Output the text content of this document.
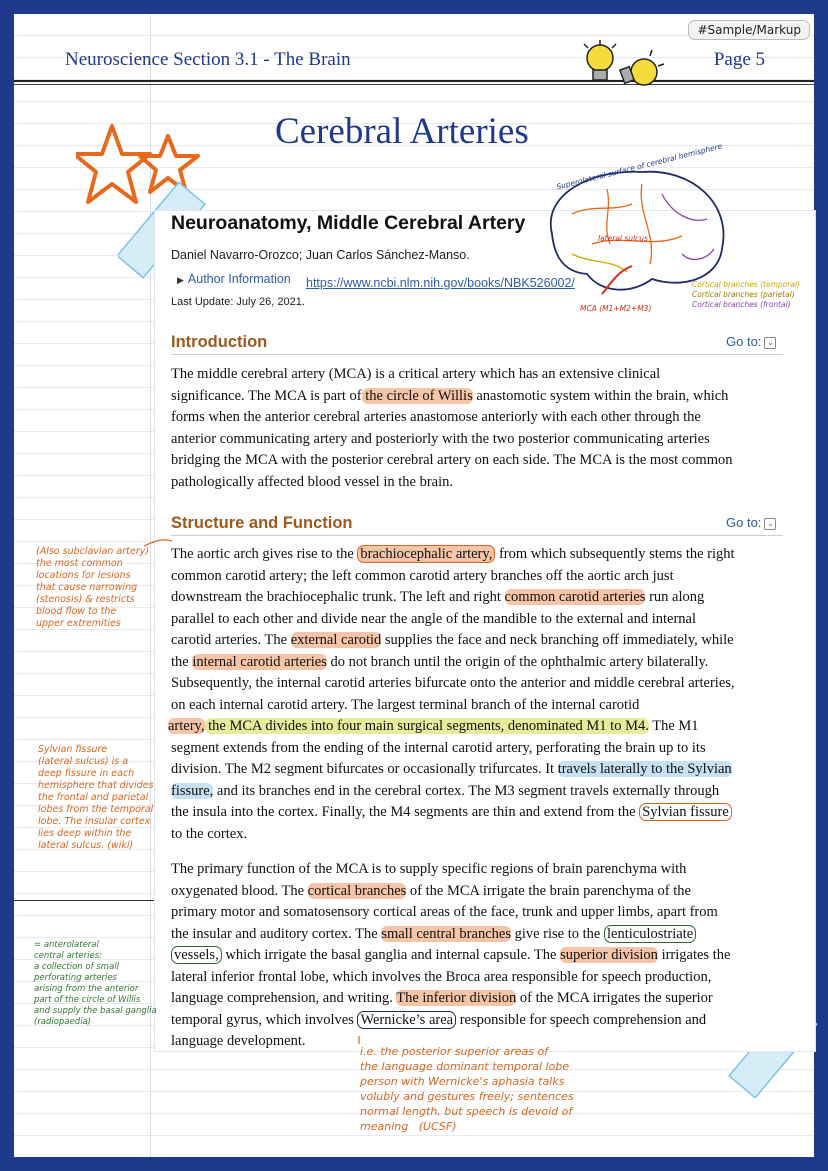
#Sample/Markup
Neuroscience Section 3.1 - The Brain	Page 5
Cerebral Arteries
Neuroanatomy, Middle Cerebral Artery
Daniel Navarro-Orozco; Juan Carlos Sánchez-Manso.
▶ Author Information https://www.ncbi.nlm.nih.gov/books/NBK526002/
Last Update: July 26, 2021.
Superolateral surface of cerebral hemisphere
lateral sulcus
MCA (M1+M2+M3)
Cortical branches (temporal)
Cortical branches (parietal)
Cortical branches (frontal)
Introduction	Go to: ⌄
The middle cerebral artery (MCA) is a critical artery which has an extensive clinical
significance. The MCA is part of the circle of Willis anastomotic system within the brain, which
forms when the anterior cerebral arteries anastomose anteriorly with each other through the
anterior communicating artery and posteriorly with the two posterior communicating arteries
bridging the MCA with the posterior cerebral artery on each side. The MCA is the most common
pathologically affected blood vessel in the brain.
Structure and Function	Go to: ⌄
The aortic arch gives rise to the brachiocephalic artery, from which subsequently stems the right
common carotid artery; the left common carotid artery branches off the aortic arch just
downstream the brachiocephalic trunk. The left and right common carotid arteries run along
parallel to each other and divide near the angle of the mandible to the external and internal
carotid arteries. The external carotid supplies the face and neck branching off immediately, while
the internal carotid arteries do not branch until the origin of the ophthalmic artery bilaterally.
Subsequently, the internal carotid arteries bifurcate onto the anterior and middle cerebral arteries,
on each internal carotid artery. The largest terminal branch of the internal carotid
artery, the MCA divides into four main surgical segments, denominated M1 to M4. The M1
segment extends from the ending of the internal carotid artery, perforating the brain up to its
division. The M2 segment bifurcates or occasionally trifurcates. It travels laterally to the Sylvian
fissure, and its branches end in the cerebral cortex. The M3 segment travels externally through
the insula into the cortex. Finally, the M4 segments are thin and extend from the Sylvian fissure
to the cortex.
The primary function of the MCA is to supply specific regions of brain parenchyma with
oxygenated blood. The cortical branches of the MCA irrigate the brain parenchyma of the
primary motor and somatosensory cortical areas of the face, trunk and upper limbs, apart from
the insular and auditory cortex. The small central branches give rise to the lenticulostriate
vessels, which irrigate the basal ganglia and internal capsule. The superior division irrigates the
lateral inferior frontal lobe, which involves the Broca area responsible for speech production,
language comprehension, and writing. The inferior division of the MCA irrigates the superior
temporal gyrus, which involves Wernicke’s area responsible for speech comprehension and
language development.
(Also subclavian artery)
the most common
locations for lesions
that cause narrowing
(stenosis) & restricts
blood flow to the
upper extremities
Sylvian fissure
(lateral sulcus) is a
deep fissure in each
hemisphere that divides
the frontal and parietal
lobes from the temporal
lobe. The insular cortex
lies deep within the
lateral sulcus. (wiki)
= anterolateral
central arteries:
a collection of small
perforating arteries
arising from the anterior
part of the circle of Willis
and supply the basal ganglia
(radiopaedia)
i.e. the posterior superior areas of
the language dominant temporal lobe
person with Wernicke's aphasia talks
volubly and gestures freely; sentences
normal length, but speech is devoid of
meaning   (UCSF)
